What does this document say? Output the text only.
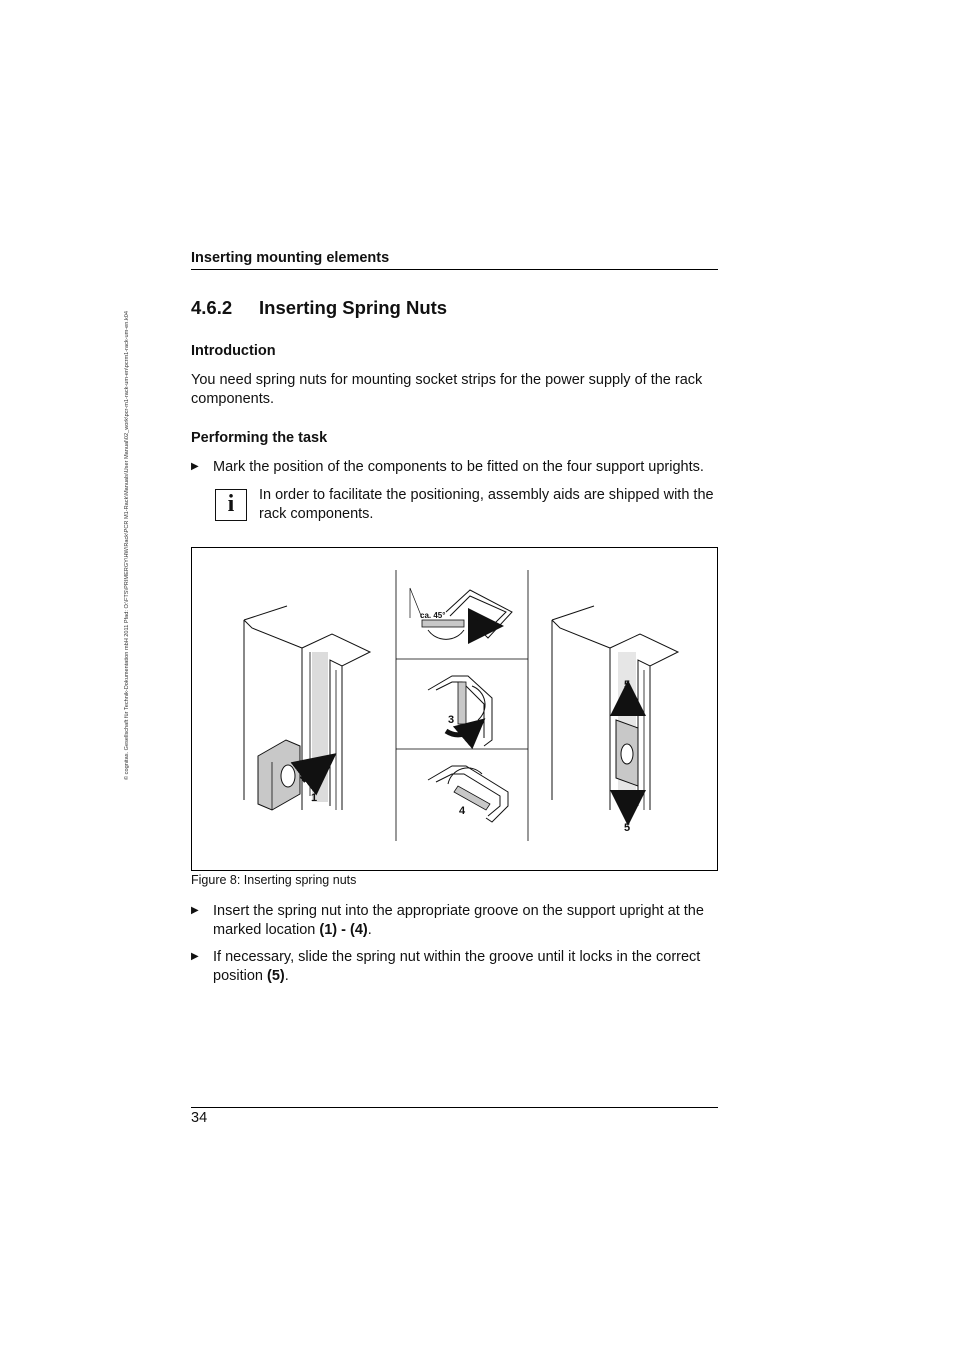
© cognitas. Gesellschaft für Technik-Dokumentation mbH 2011 Pfad: O:\FTS\PRIMERGY\HW\Rack\PCR M1-Rack\Manuals\User Manual\02_work\pcr-m1-rack-um-en\pcrm1-rack-um-en.k04
Inserting mounting elements
4.6.2 Inserting Spring Nuts
Introduction
You need spring nuts for mounting socket strips for the power supply of the rack components.
Performing the task
▶ Mark the position of the components to be fitted on the four support uprights.
i	In order to facilitate the positioning, assembly aids are shipped with the rack components.
1
ca. 45° 2
3
4
5
5
Figure 8: Inserting spring nuts
▶ Insert the spring nut into the appropriate groove on the support upright at the marked location (1) - (4).
▶ If necessary, slide the spring nut within the groove until it locks in the correct position (5).
34
